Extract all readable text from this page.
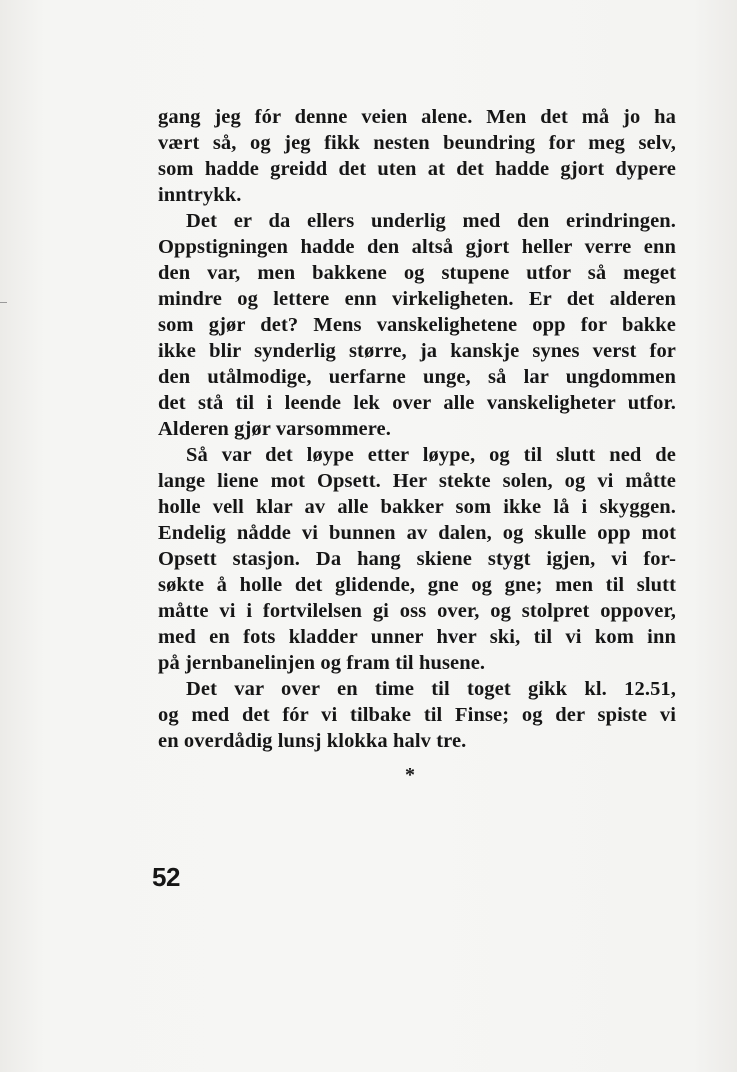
gang jeg fór denne veien alene. Men det må jo ha
vært så, og jeg fikk nesten beundring for meg selv,
som hadde greidd det uten at det hadde gjort dypere
inntrykk.
Det er da ellers underlig med den erindringen.
Oppstigningen hadde den altså gjort heller verre enn
den var, men bakkene og stupene utfor så meget
mindre og lettere enn virkeligheten. Er det alderen
som gjør det? Mens vanskelighetene opp for bakke
ikke blir synderlig større, ja kanskje synes verst for
den utålmodige, uerfarne unge, så lar ungdommen
det stå til i leende lek over alle vanskeligheter utfor.
Alderen gjør varsommere.
Så var det løype etter løype, og til slutt ned de
lange liene mot Opsett. Her stekte solen, og vi måtte
holle vell klar av alle bakker som ikke lå i skyggen.
Endelig nådde vi bunnen av dalen, og skulle opp mot
Opsett stasjon. Da hang skiene stygt igjen, vi for-
søkte å holle det glidende, gne og gne; men til slutt
måtte vi i fortvilelsen gi oss over, og stolpret oppover,
med en fots kladder unner hver ski, til vi kom inn
på jernbanelinjen og fram til husene.
Det var over en time til toget gikk kl. 12.51,
og med det fór vi tilbake til Finse; og der spiste vi
en overdådig lunsj klokka halv tre.
*
52
